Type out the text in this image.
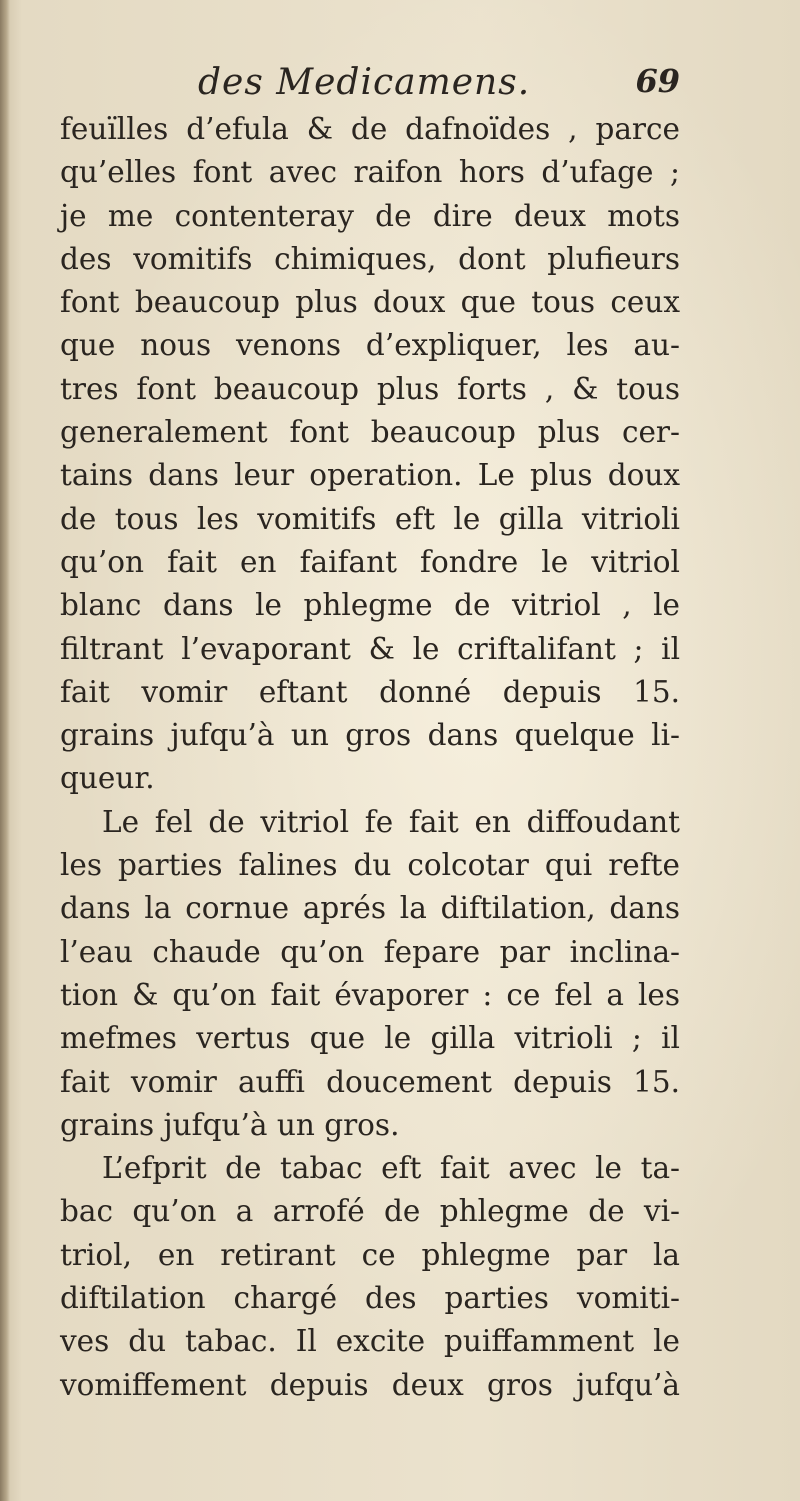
des Medicamens.	69
feuïlles d’efula & de dafnoïdes , parce
qu’elles font avec raifon hors d’ufage ;
je me contenteray de dire deux mots
des vomitifs chimiques, dont plufieurs
font beaucoup plus doux que tous ceux
que nous venons d’expliquer, les au-
tres font beaucoup plus forts , & tous
generalement font beaucoup plus cer-
tains dans leur operation. Le plus doux
de tous les vomitifs eft le gilla vitrioli
qu’on fait en faifant fondre le vitriol
blanc dans le phlegme de vitriol , le
filtrant l’evaporant & le criftalifant ; il
fait vomir eftant donné depuis 15.
grains jufqu’à un gros dans quelque li-
queur.
Le fel de vitriol fe fait en diffoudant
les parties falines du colcotar qui refte
dans la cornue aprés la diftilation, dans
l’eau chaude qu’on fepare par inclina-
tion & qu’on fait évaporer : ce fel a les
mefmes vertus que le gilla vitrioli ; il
fait vomir auffi doucement depuis 15.
grains jufqu’à un gros.
L’efprit de tabac eft fait avec le ta-
bac qu’on a arrofé de phlegme de vi-
triol, en retirant ce phlegme par la
diftilation chargé des parties vomiti-
ves du tabac. Il excite puiffamment le
vomiffement depuis deux gros jufqu’à
